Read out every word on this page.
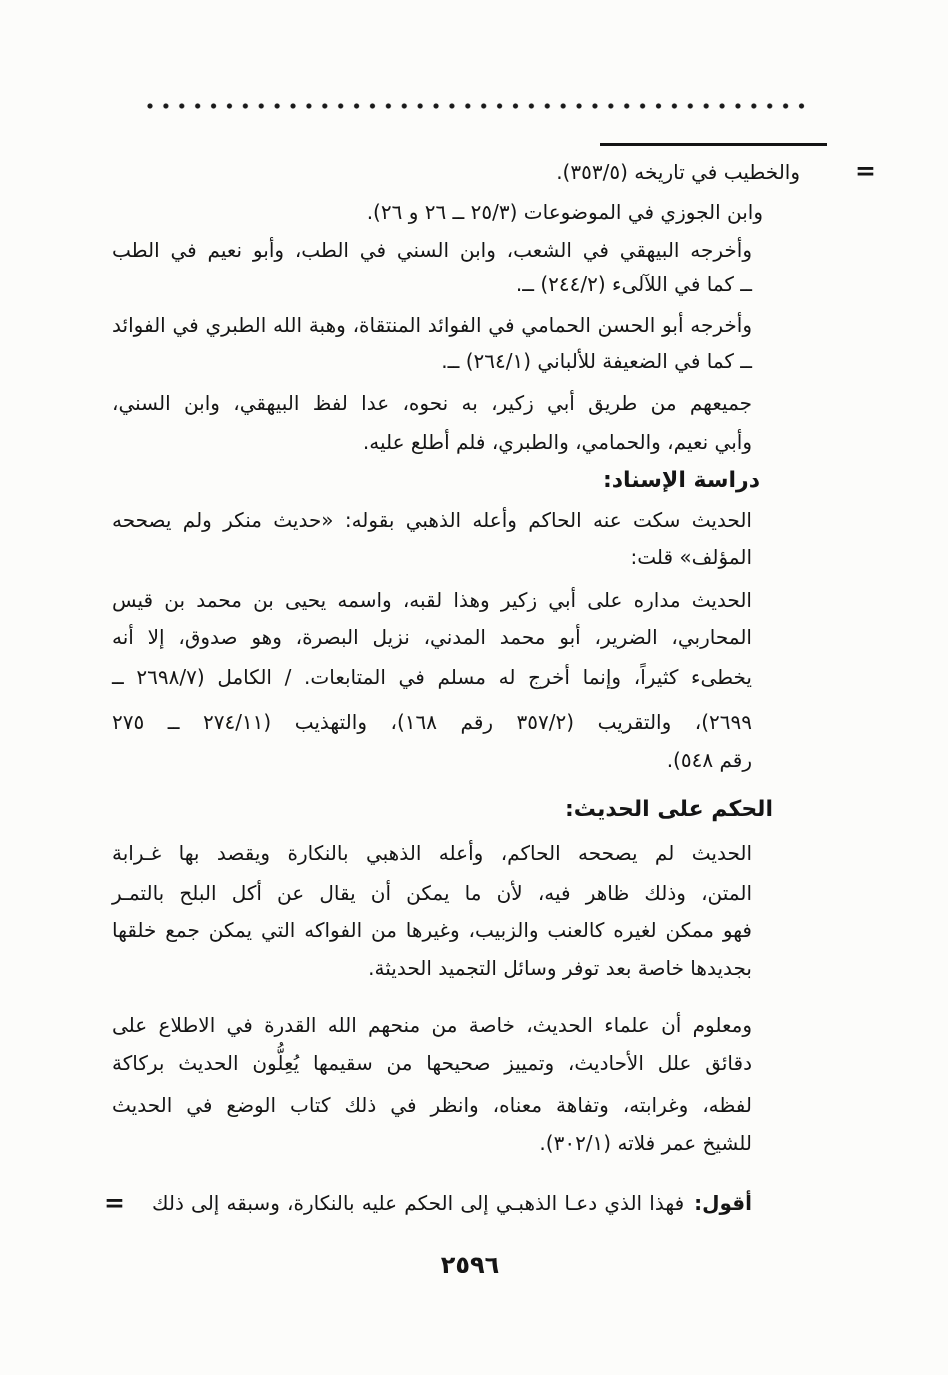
=
والخطيب في تاريخه (٣٥٣/٥).
وابن الجوزي في الموضوعات (٢٥/٣ ــ ٢٦ و ٢٦).
وأخرجه البيهقي في الشعب، وابن السني في الطب، وأبو نعيم في الطب
ــ كما في اللآلىء (٢٤٤/٢) ــ.
وأخرجه أبو الحسن الحمامي في الفوائد المنتقاة، وهبة الله الطبري في الفوائد
ــ كما في الضعيفة للألباني (٢٦٤/١) ــ.
جميعهم من طريق أبي زكير، به نحوه، عدا لفظ البيهقي، وابن السني،
وأبي نعيم، والحمامي، والطبري، فلم أطلع عليه.
دراسة الإسناد:
الحديث سكت عنه الحاكم وأعله الذهبي بقوله: «حديث منكر ولم يصححه
المؤلف» قلت:
الحديث مداره على أبي زكير وهذا لقبه، واسمه يحيى بن محمد بن قيس
المحاربي، الضرير، أبو محمد المدني، نزيل البصرة، وهو صدوق، إلا أنه
يخطىء كثيراً، وإنما أخرج له مسلم في المتابعات. / الكامل (٢٦٩٨/٧ ــ
٢٦٩٩)، والتقريب (٣٥٧/٢ رقم ١٦٨)، والتهذيب (٢٧٤/١١ ــ ٢٧٥
رقم ٥٤٨).
الحكم على الحديث:
الحديث لم يصححه الحاكم، وأعله الذهبي بالنكارة ويقصد بها غـرابة
المتن، وذلك ظاهر فيه، لأن ما يمكن أن يقال عن أكل البلح بالتمـر
فهو ممكن لغيره كالعنب والزبيب، وغيرها من الفواكه التي يمكن جمع خلقها
بجديدها خاصة بعد توفر وسائل التجميد الحديثة.
ومعلوم أن علماء الحديث، خاصة من منحهم الله القدرة في الاطلاع على
دقائق علل الأحاديث، وتمييز صحيحها من سقيمها يُعِلُّون الحديث بركاكة
لفظه، وغرابته، وتفاهة معناه، وانظر في ذلك كتاب الوضع في الحديث
للشيخ عمر فلاته (٣٠٢/١).
أقول:فهذا الذي دعـا الذهبـي إلى الحكم عليه بالنكارة، وسبقه إلى ذلك
=
٢٥٩٦
